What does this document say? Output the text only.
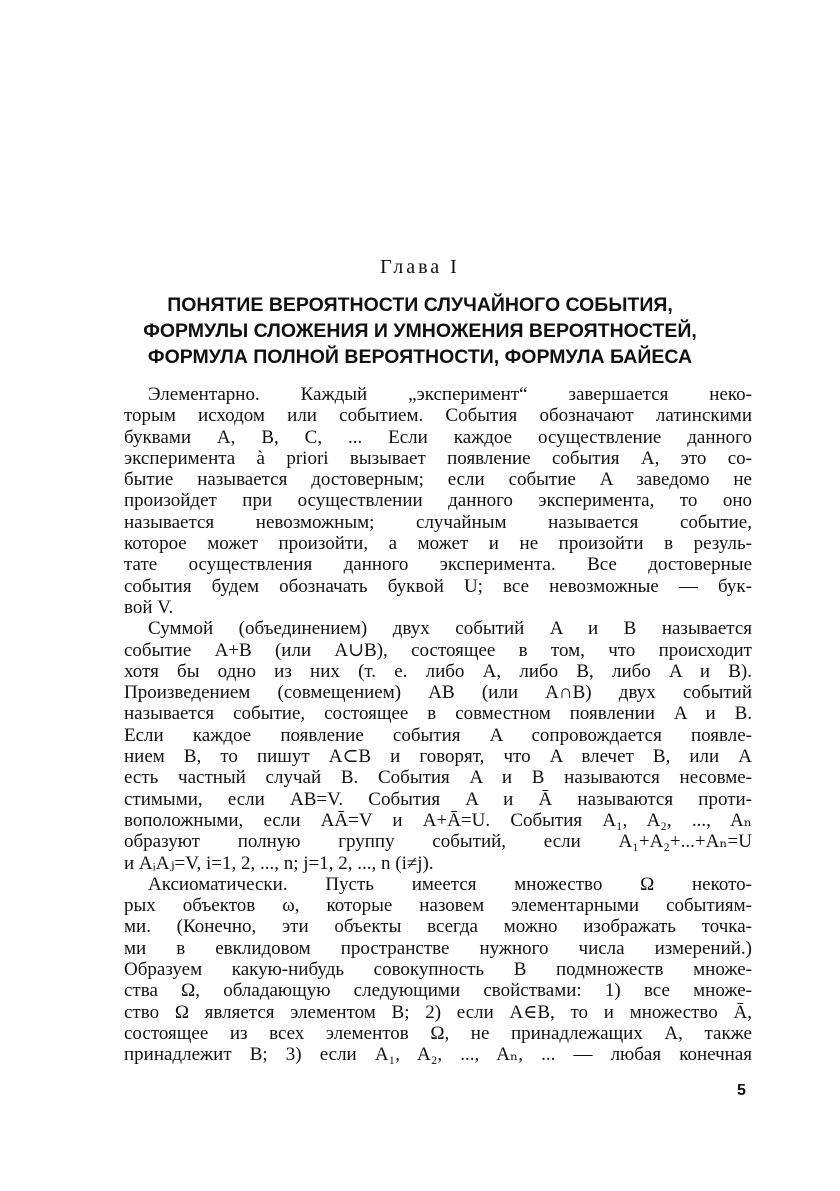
Глава I
ПОНЯТИЕ ВЕРОЯТНОСТИ СЛУЧАЙНОГО СОБЫТИЯ,
ФОРМУЛЫ СЛОЖЕНИЯ И УМНОЖЕНИЯ ВЕРОЯТНОСТЕЙ,
ФОРМУЛА ПОЛНОЙ ВЕРОЯТНОСТИ, ФОРМУЛА БАЙЕСА
Элементарно. Каждый „эксперимент“ завершается неко-
торым исходом или событием. События обозначают латинскими
буквами A, B, C, ... Если каждое осуществление данного
эксперимента à priori вызывает появление события A, это со-
бытие называется достоверным; если событие A заведомо не
произойдет при осуществлении данного эксперимента, то оно
называется невозможным; случайным называется событие,
которое может произойти, а может и не произойти в резуль-
тате осуществления данного эксперимента. Все достоверные
события будем обозначать буквой U; все невозможные — бук-
вой V.
Суммой (объединением) двух событий A и B называется
событие A+B (или A∪B), состоящее в том, что происходит
хотя бы одно из них (т. е. либо A, либо B, либо A и B).
Произведением (совмещением) AB (или A∩B) двух событий
называется событие, состоящее в совместном появлении A и B.
Если каждое появление события A сопровождается появле-
нием B, то пишут A⊂B и говорят, что A влечет B, или A
есть частный случай B. События A и B называются несовме-
стимыми, если AB=V. События A и Ā называются проти-
воположными, если AĀ=V и A+Ā=U. События A₁, A₂, ..., Aₙ
образуют полную группу событий, если A₁+A₂+...+Aₙ=U
и AᵢAⱼ=V, i=1, 2, ..., n; j=1, 2, ..., n (i≠j).
Аксиоматически. Пусть имеется множество Ω некото-
рых объектов ω, которые назовем элементарными событиям-
ми. (Конечно, эти объекты всегда можно изображать точка-
ми в евклидовом пространстве нужного числа измерений.)
Образуем какую-нибудь совокупность B подмножеств множе-
ства Ω, обладающую следующими свойствами: 1) все множе-
ство Ω является элементом B; 2) если A∈B, то и множество Ā,
состоящее из всех элементов Ω, не принадлежащих A, также
принадлежит B; 3) если A₁, A₂, ..., Aₙ, ... — любая конечная
5
